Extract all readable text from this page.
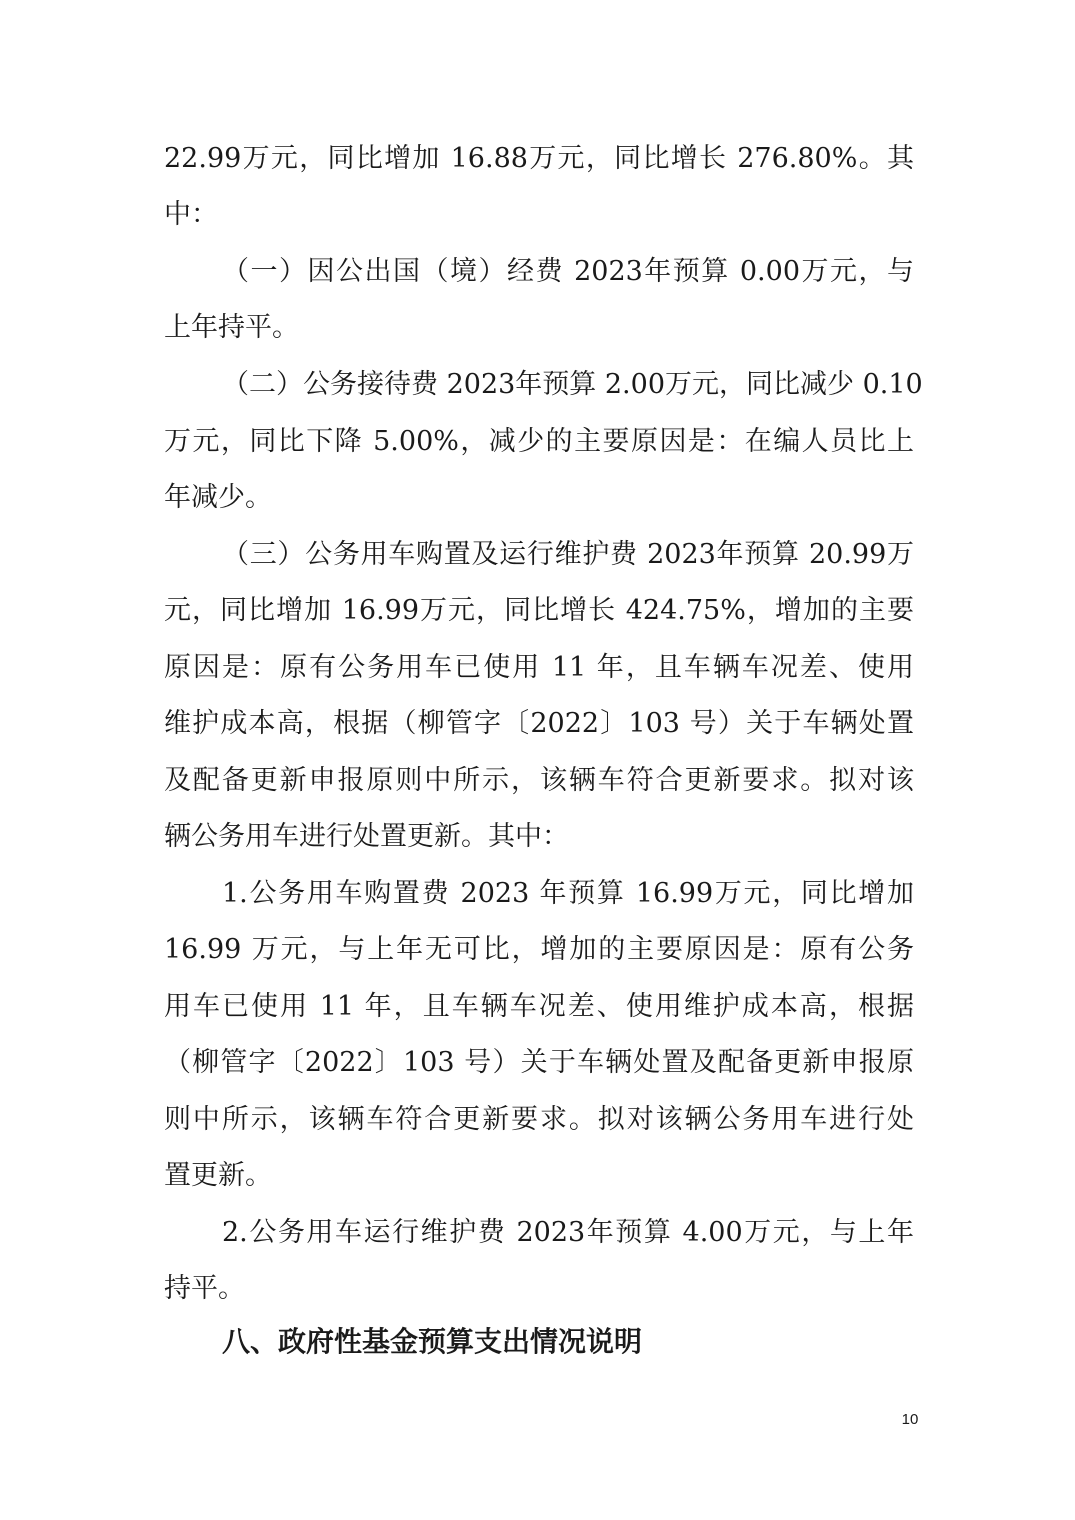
22.99万元，同比增加 16.88万元，同比增长 276.80%。其
中：
（一）因公出国（境）经费 2023年预算 0.00万元，与
上年持平。
（二）公务接待费 2023年预算 2.00万元，同比减少 0.10
万元，同比下降 5.00%，减少的主要原因是：在编人员比上
年减少。
（三）公务用车购置及运行维护费 2023年预算 20.99万
元，同比增加 16.99万元，同比增长 424.75%，增加的主要
原因是：原有公务用车已使用 11 年，且车辆车况差、使用
维护成本高，根据（柳管字〔2022〕103 号）关于车辆处置
及配备更新申报原则中所示，该辆车符合更新要求。拟对该
辆公务用车进行处置更新。其中：
1.公务用车购置费 2023 年预算 16.99万元，同比增加
16.99 万元，与上年无可比，增加的主要原因是：原有公务
用车已使用 11 年，且车辆车况差、使用维护成本高，根据
（柳管字〔2022〕103 号）关于车辆处置及配备更新申报原
则中所示，该辆车符合更新要求。拟对该辆公务用车进行处
置更新。
2.公务用车运行维护费 2023年预算 4.00万元，与上年
持平。
八、政府性基金预算支出情况说明
10
